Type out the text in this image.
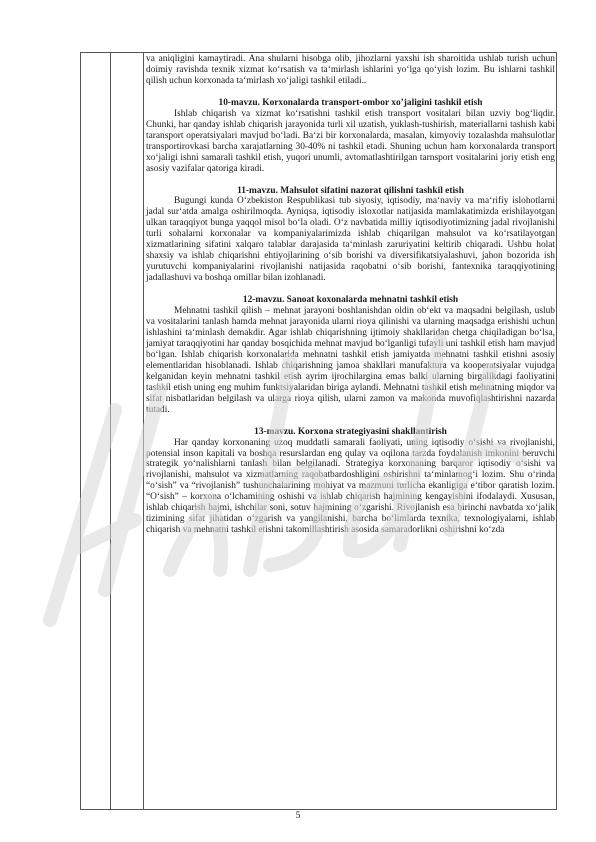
va aniqligini kamaytiradi. Ana shularni hisobga olib, jihozlarni yaxshi ish sharoitida ushlab turish uchun doimiy ravishda texnik xizmat ko‘rsatish va ta‘mirlash ishlarini yo‘lga qo‘yish lozim. Bu ishlarni tashkil qilish uchun korxonada ta‘mirlash xo‘jaligi tashkil etiladi..

10-mavzu. Korxonalarda transport-ombor xo’jaligini tashkil etish

Ishlab chiqarish va xizmat ko‘rsatishni tashkil etish transport vositalari bilan uzviy bog‘liqdir. Chunki, har qanday ishlab chiqarish jarayonida turli xil uzatish, yuklash-tushirish, materiallarni tashish kabi taransport operatsiyalari mavjud bo‘ladi. Ba‘zi bir korxonalarda, masalan, kimyoviy tozalashda mahsulotlar transportirovkasi barcha xarajatlarning 30-40% ni tashkil etadi. Shuning uchun ham korxonalarda transport xo‘jaligi ishni samarali tashkil etish, yuqori unumli, avtomatlashtirilgan tarnsport vositalarini joriy etish eng asosiy vazifalar qatoriga kiradi.

11-mavzu. Mahsulot sifatini nazorat qilishni tashkil etish

Bugungi kunda O‘zbekiston Respublikasi tub siyosiy, iqtisodiy, ma‘naviy va ma‘rifiy islohotlarni jadal sur‘atda amalga oshirilmoqda. Ayniqsa, iqtisodiy isloxotlar natijasida mamlakatimizda erishilayotgan ulkan taraqqiyot bunga yaqqol misol bo‘la oladi. O‘z navbatida milliy iqtisodiyotimizning jadal rivojlanishi turli sohalarni korxonalar va kompaniyalarimizda ishlab chiqarilgan mahsulot va ko‘rsatilayotgan xizmatlarining sifatini xalqaro talablar darajasida ta‘minlash zaruriyatini keltirib chiqaradi. Ushbu holat shaxsiy va ishlab chiqarishni ehtiyojlarining o‘sib borishi va diversifikatsiyalashuvi, jahon bozorida ish yurutuvchi kompaniyalarini rivojlanishi natijasida raqobatni o‘sib borishi, fantexnika taraqqiyotining jadallashuvi va boshqa omillar bilan izohlanadi.

12-mavzu. Sanoat koxonalarda mehnatni tashkil etish

Mehnatni tashkil qilish – mehnat jarayoni boshlanishdan oldin ob‘ekt va maqsadni belgilash, uslub va vositalarini tanlash hamda mehnat jarayonida ularni rioya qilinishi va ularning maqsadga erishishi uchun ishlashini ta‘minlash demakdir. Agar ishlab chiqarishning ijtimoiy shakllaridan chetga chiqiladigan bo‘lsa, jamiyat taraqqiyotini har qanday bosqichida mehnat mavjud bo‘lganligi tufayli uni tashkil etish ham mavjud bo‘lgan. Ishlab chiqarish korxonalarida mehnatni tashkil etish jamiyatda mehnatni tashkil etishni asosiy elementlaridan hisoblanadi. Ishlab chiqarishning jamoa shakllari manufaktura va kooperatsiyalar vujudga kelganidan keyin mehnatni tashkil etish ayrim ijrochilargina emas balki ularning birgalikdagi faoliyatini tashkil etish uning eng muhim funktsiyalaridan biriga aylandi. Mehnatni tashkil etish mehnatning miqdor va sifat nisbatlaridan belgilash va ularga rioya qilish, ularni zamon va makonda muvofiqlashtirishni nazarda tutadi.

13-mavzu. Korxona strategiyasini shakllantirish

Har qanday korxonaning uzoq muddatli samarali faoliyati, uning iqtisodiy o‘sishi va rivojlanishi, potensial inson kapitali va boshqa resurslardan eng qulay va oqilona tarzda foydalanish imkonini beruvchi strategik yo‘nalishlarni tanlash bilan belgilanadi. Strategiya korxonaning barqaror iqtisodiy o‘sishi va rivojlanishi, mahsulot va xizmatlarning raqobatbardoshligini oshirishni ta‘minlamog‘i lozim. Shu o‘rinda “o‘sish” va “rivojlanish” tushunchalarining mohiyat va mazmuni turlicha ekanligiga e‘tibor qaratish lozim. “O‘sish” – korxona o‘lchamining oshishi va ishlab chiqarish hajmining kengayishini ifodalaydi. Xususan, ishlab chiqarish hajmi, ishchilar soni, sotuv hajmining o‘zgarishi. Rivojlanish esa birinchi navbatda xo‘jalik tizimining sifat jihatidan o‘zgarish va yangilanishi, barcha bo‘limlarda texnika, texnologiyalarni, ishlab chiqarish va mehnatni tashkil etishni takomillashtirish asosida samaradorlikni oshirishni ko‘zda

5
